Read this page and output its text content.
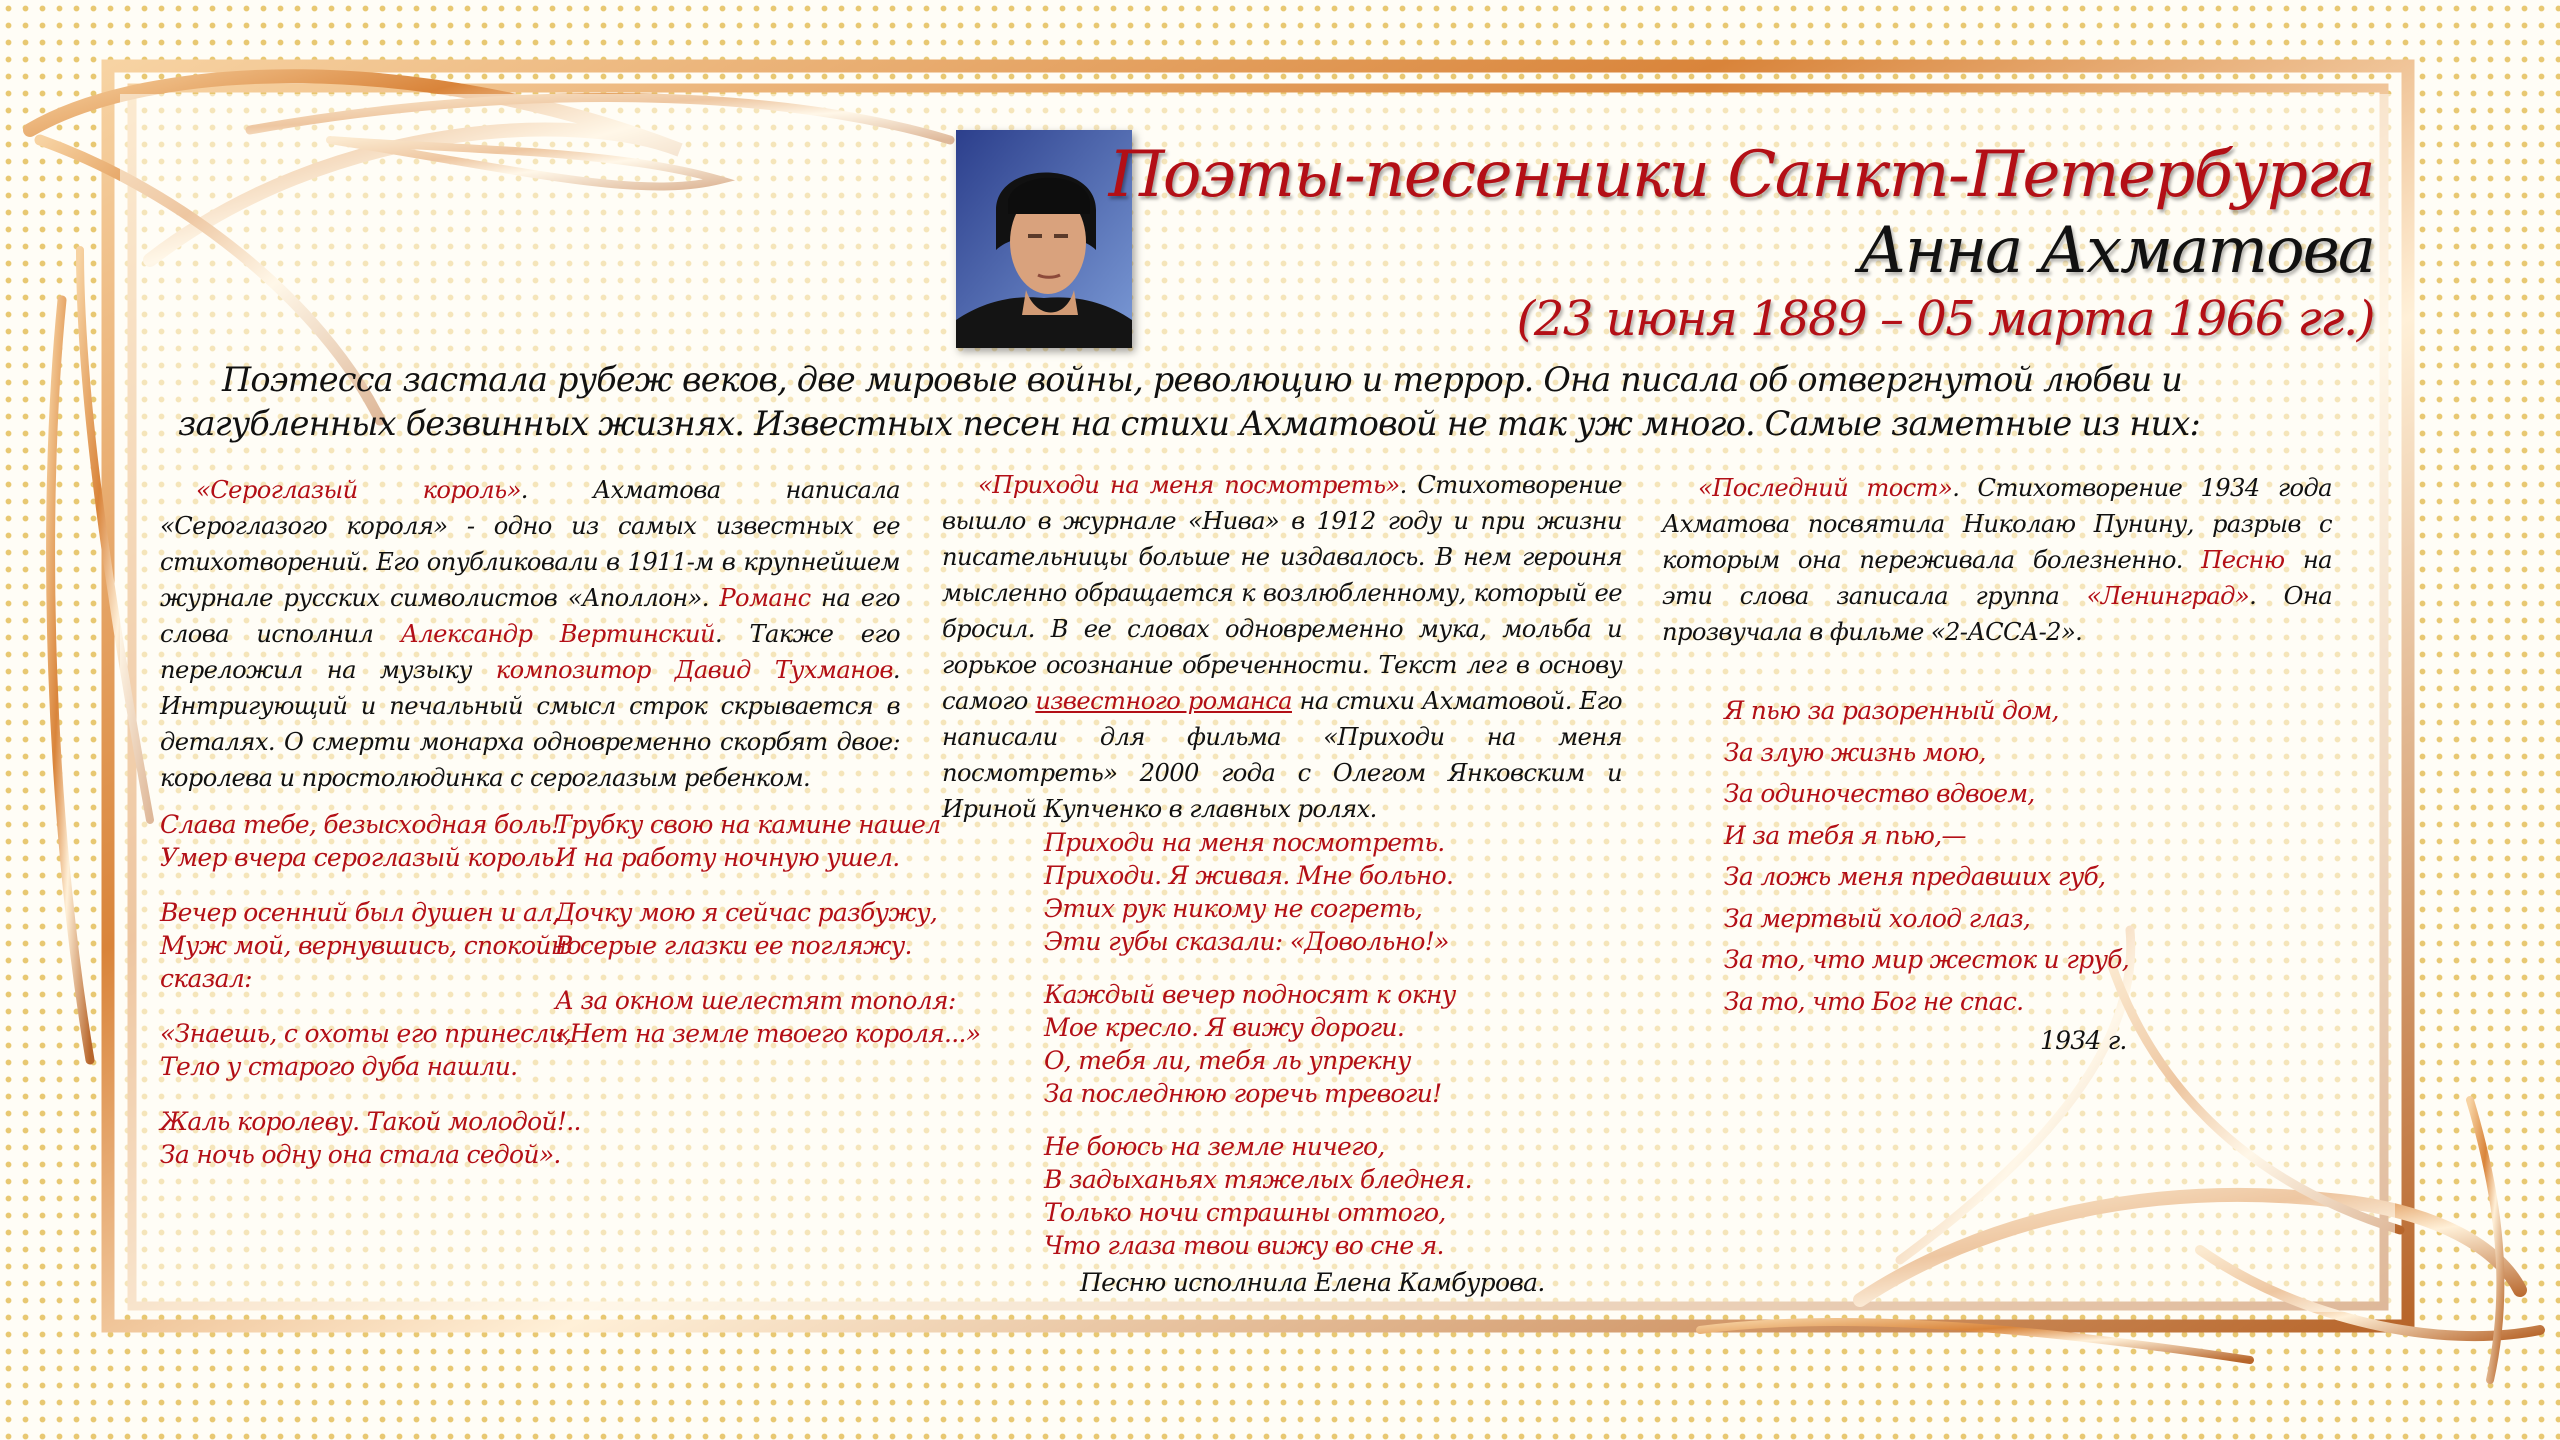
Поэты-песенники Санкт-Петербурга
Анна Ахматова
(23 июня 1889 – 05 марта 1966 гг.)
Поэтесса застала рубеж веков, две мировые войны, революцию и террор. Она писала об отвергнутой любви и загубленных безвинных жизнях. Известных песен на стихи Ахматовой не так уж много. Самые заметные из них:

«Сероглазый король». Ахматова написала «Сероглазого короля» - одно из самых известных ее стихотворений. Его опубликовали в 1911-м в крупнейшем журнале русских символистов «Аполлон». Романс на его слова исполнил Александр Вертинский. Также его переложил на музыку композитор Давид Тухманов. Интригующий и печальный смысл строк скрывается в деталях. О смерти монарха одновременно скорбят двое: королева и простолюдинка с сероглазым ребенком.

Слава тебе, безысходная боль!
Умер вчера сероглазый король.
Вечер осенний был душен и ал,
Муж мой, вернувшись, спокойно
сказал:
«Знаешь, с охоты его принесли,
Тело у старого дуба нашли.
Жаль королеву. Такой молодой!..
За ночь одну она стала седой».
Трубку свою на камине нашел
И на работу ночную ушел.
Дочку мою я сейчас разбужу,
В серые глазки ее погляжу.
А за окном шелестят тополя:
«Нет на земле твоего короля...»

«Приходи на меня посмотреть». Стихотворение вышло в журнале «Нива» в 1912 году и при жизни писательницы больше не издавалось. В нем героиня мысленно обращается к возлюбленному, который ее бросил. В ее словах одновременно мука, мольба и горькое осознание обреченности. Текст лег в основу самого известного романса на стихи Ахматовой. Его написали для фильма «Приходи на меня посмотреть» 2000 года с Олегом Янковским и Ириной Купченко в главных ролях.

Приходи на меня посмотреть.
Приходи. Я живая. Мне больно.
Этих рук никому не согреть,
Эти губы сказали: «Довольно!»
Каждый вечер подносят к окну
Мое кресло. Я вижу дороги.
О, тебя ли, тебя ль упрекну
За последнюю горечь тревоги!
Не боюсь на земле ничего,
В задыханьях тяжелых бледнея.
Только ночи страшны оттого,
Что глаза твои вижу во сне я.
Песню исполнила Елена Камбурова.

«Последний тост». Стихотворение 1934 года Ахматова посвятила Николаю Пунину, разрыв с которым она переживала болезненно. Песню на эти слова записала группа «Ленинград». Она прозвучала в фильме «2-АССА-2».

Я пью за разоренный дом,
За злую жизнь мою,
За одиночество вдвоем,
И за тебя я пью,—
За ложь меня предавших губ,
За мертвый холод глаз,
За то, что мир жесток и груб,
За то, что Бог не спас.
1934 г.
